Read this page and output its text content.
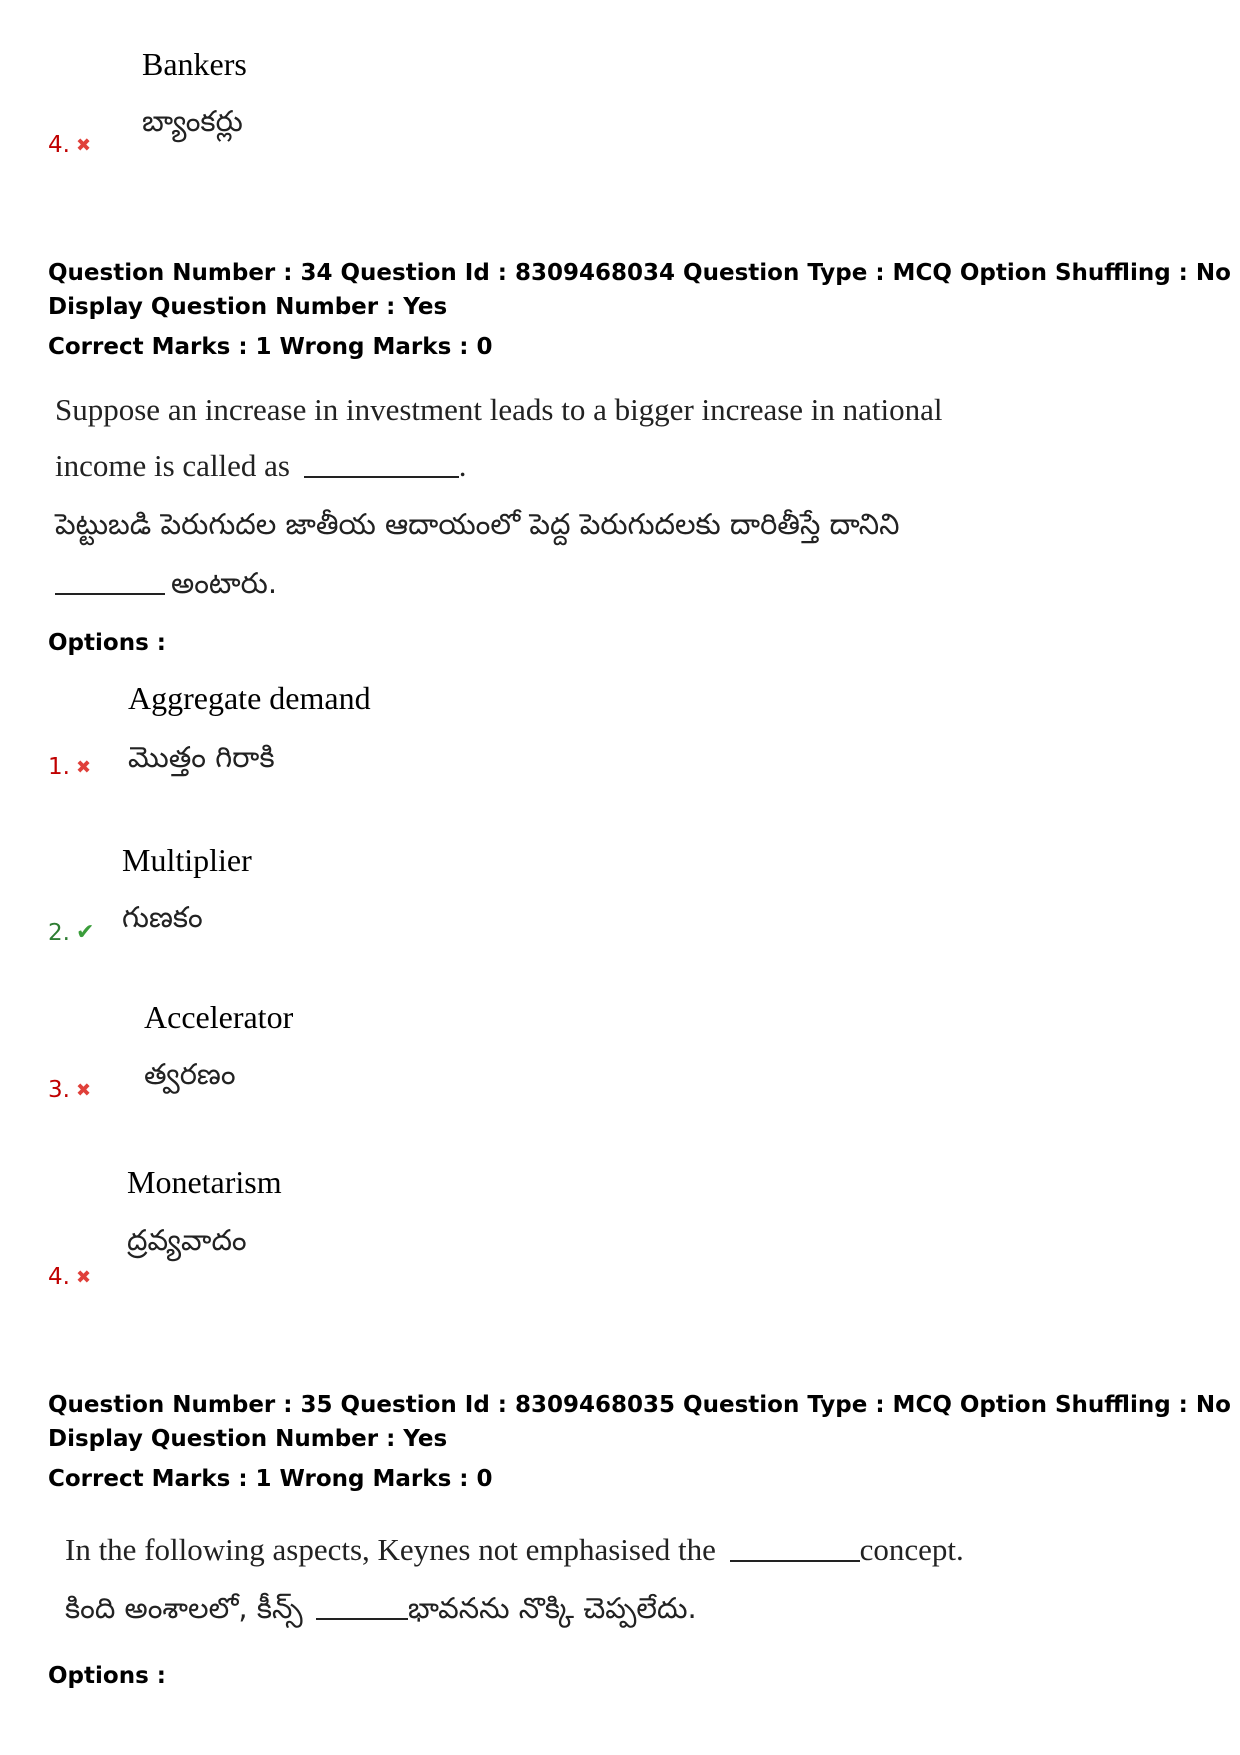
Bankers
బ్యాంకర్లు
4. ✖
Question Number : 34 Question Id : 8309468034 Question Type : MCQ Option Shuffling : No
Display Question Number : Yes
Correct Marks : 1 Wrong Marks : 0
Suppose an increase in investment leads to a bigger increase in national
income is called as	.
పెట్టుబడి పెరుగుదల జాతీయ ఆదాయంలో పెద్ద పెరుగుదలకు దారితీస్తే దానిని
అంటారు.
Options :
Aggregate demand
మొత్తం గిరాకి
1. ✖
Multiplier
గుణకం
2. ✔
Accelerator
త్వరణం
3. ✖
Monetarism
ద్రవ్యవాదం
4. ✖
Question Number : 35 Question Id : 8309468035 Question Type : MCQ Option Shuffling : No
Display Question Number : Yes
Correct Marks : 1 Wrong Marks : 0
In the following aspects, Keynes not emphasised the	concept.
కింది అంశాలలో, కీన్స్	భావనను నొక్కి చెప్పలేదు.
Options :
